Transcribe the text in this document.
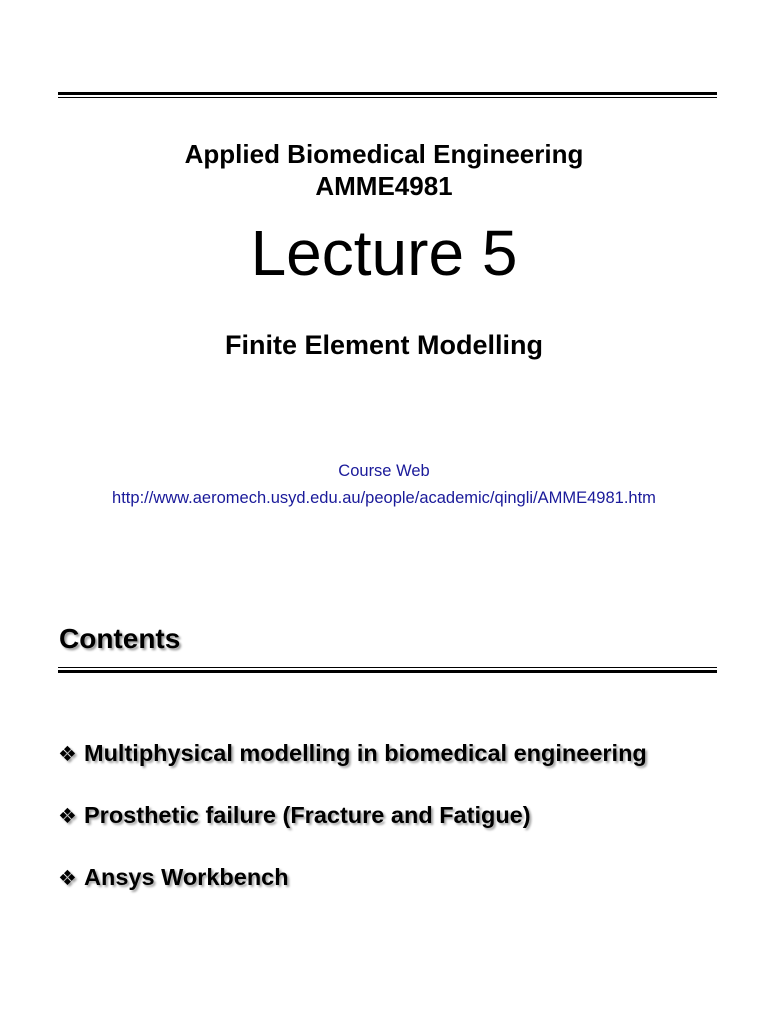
Applied Biomedical Engineering
AMME4981
Lecture 5
Finite Element Modelling
Course Web
http://www.aeromech.usyd.edu.au/people/academic/qingli/AMME4981.htm
Contents
❖ Multiphysical modelling in biomedical engineering
❖ Prosthetic failure (Fracture and Fatigue)
❖ Ansys Workbench
